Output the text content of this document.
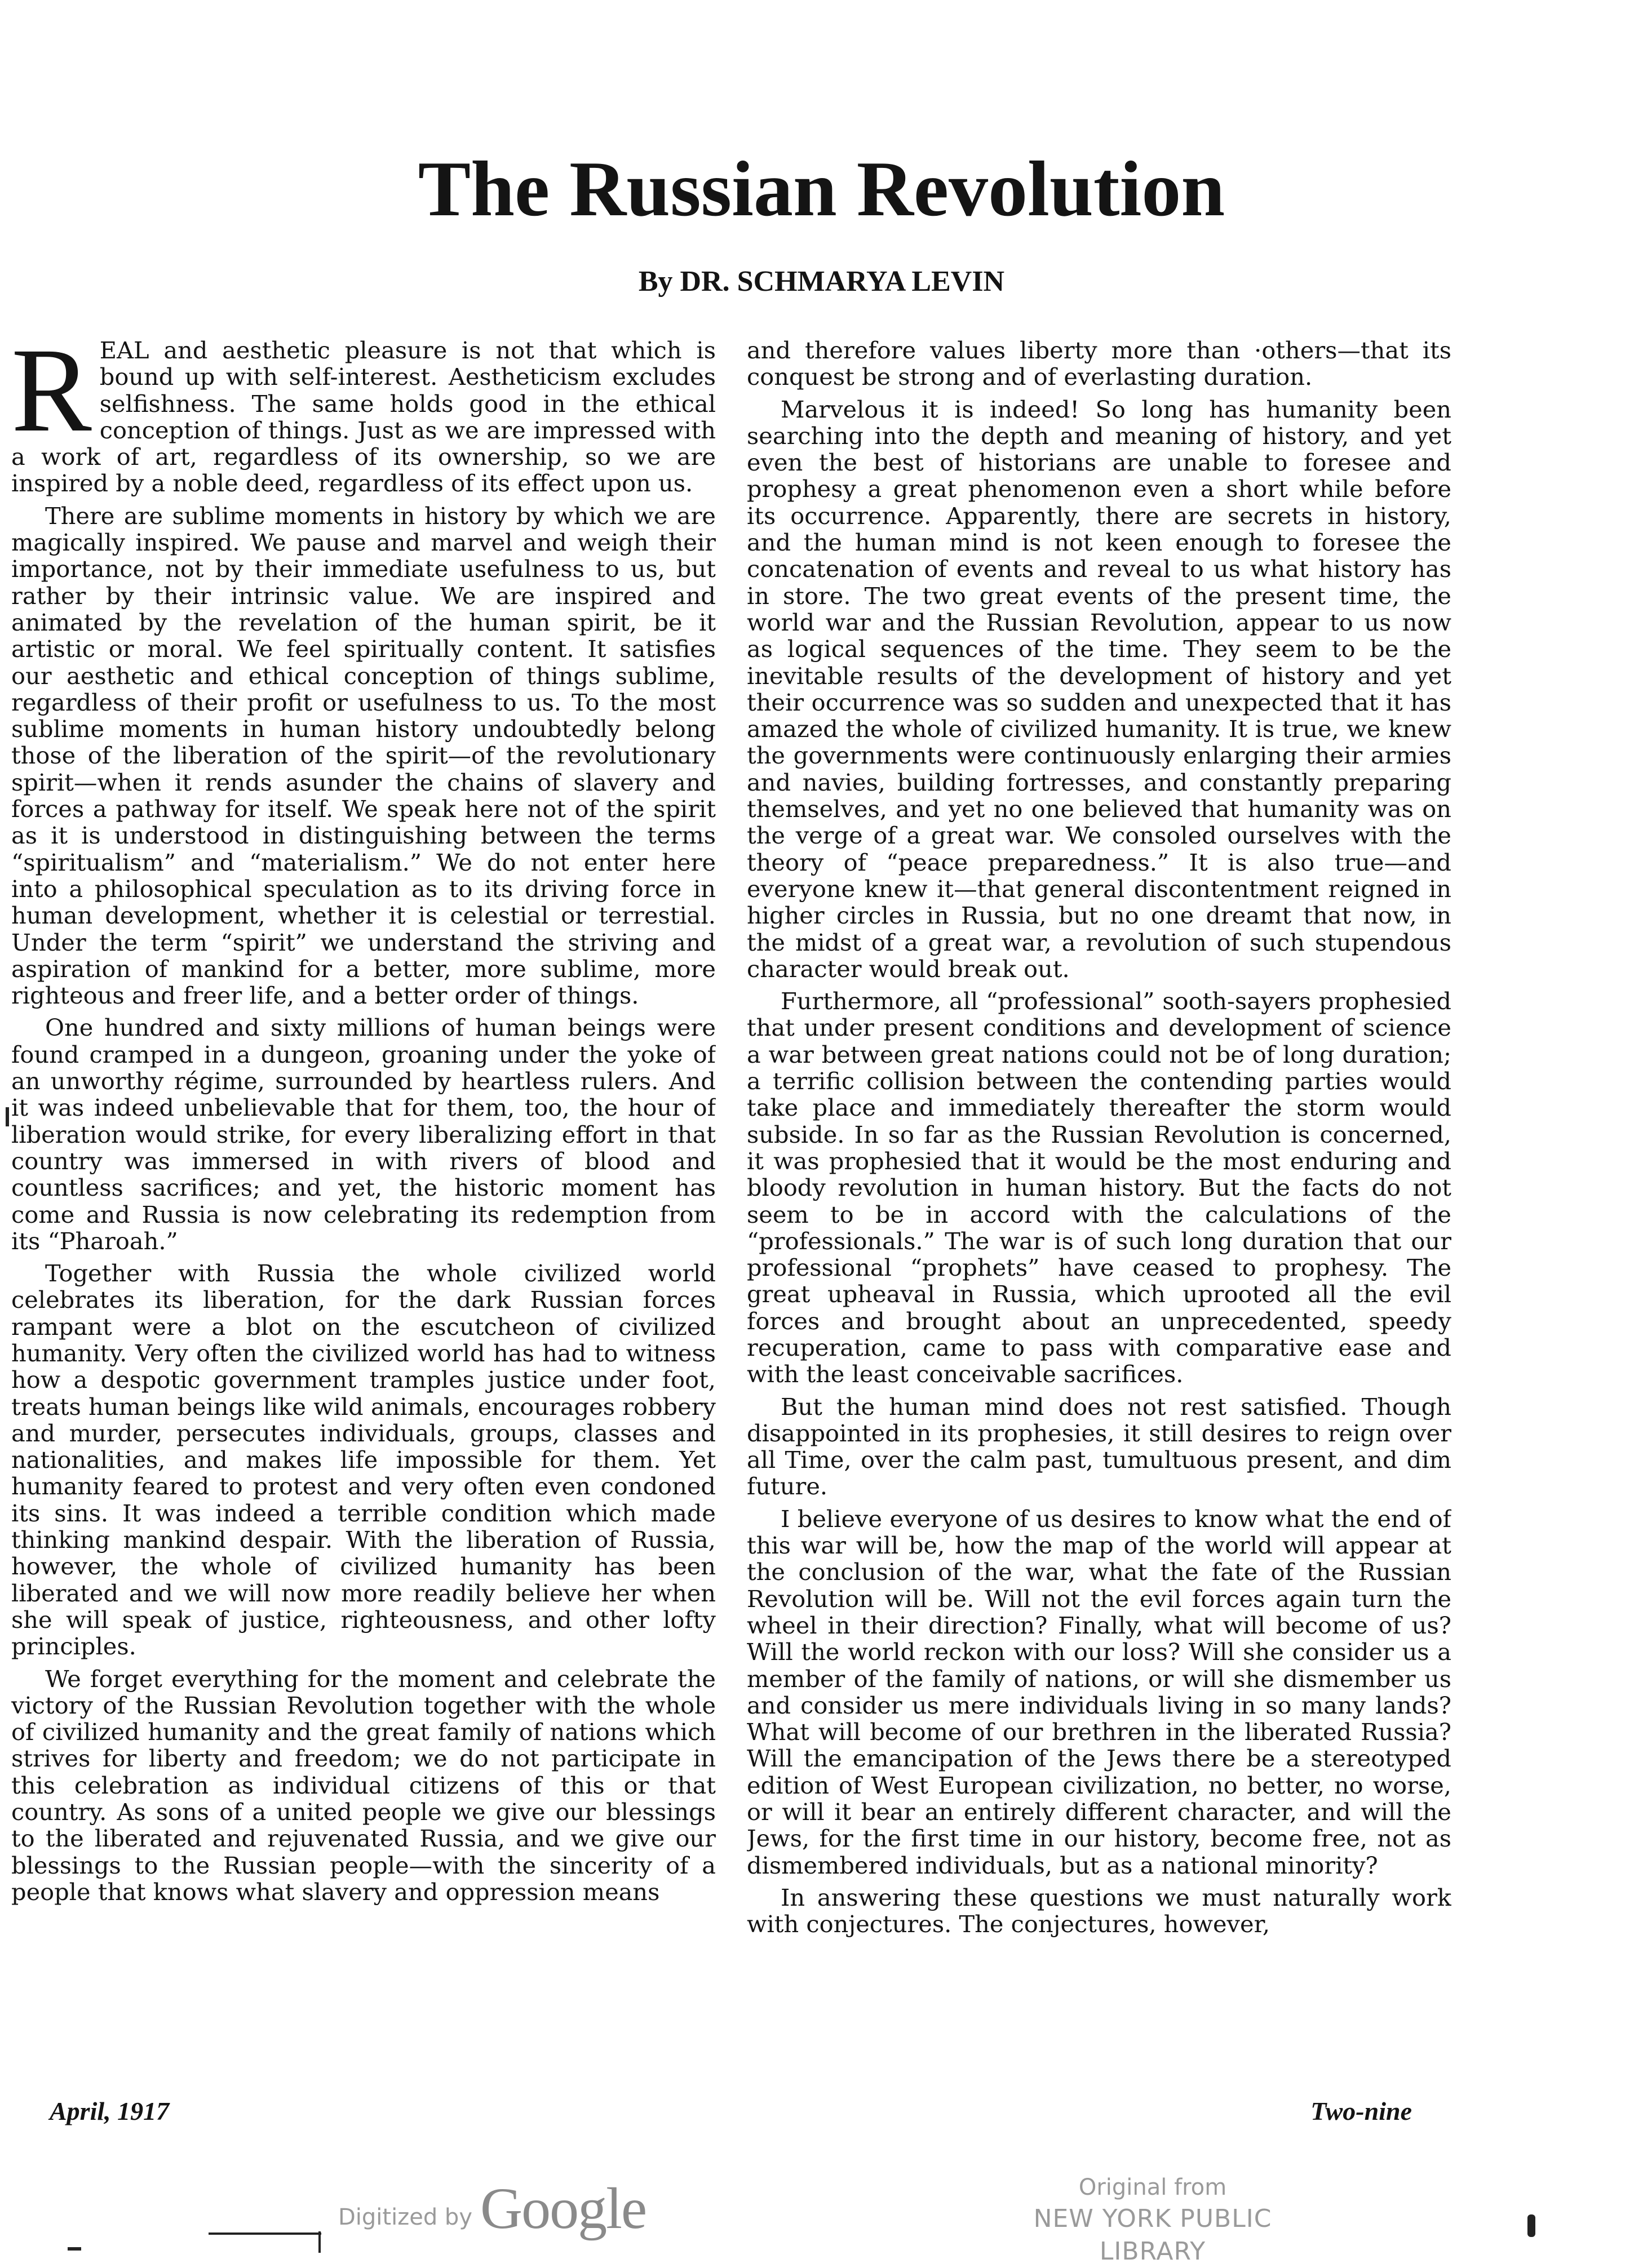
The Russian Revolution
By DR. SCHMARYA LEVIN

REAL and aesthetic pleasure is not that which is bound up with self-interest. Aestheticism excludes selfishness. The same holds good in the ethical conception of things. Just as we are impressed with a work of art, regardless of its ownership, so we are inspired by a noble deed, regardless of its effect upon us.

There are sublime moments in history by which we are magically inspired. We pause and marvel and weigh their importance, not by their immediate usefulness to us, but rather by their intrinsic value. We are inspired and animated by the revelation of the human spirit, be it artistic or moral. We feel spiritually content. It satisfies our aesthetic and ethical conception of things sublime, regardless of their profit or usefulness to us. To the most sublime moments in human history undoubtedly belong those of the liberation of the spirit—of the revolutionary spirit—when it rends asunder the chains of slavery and forces a pathway for itself. We speak here not of the spirit as it is understood in distinguishing between the terms “spiritualism” and “materialism.” We do not enter here into a philosophical speculation as to its driving force in human development, whether it is celestial or terrestial. Under the term “spirit” we understand the striving and aspiration of mankind for a better, more sublime, more righteous and freer life, and a better order of things.

One hundred and sixty millions of human beings were found cramped in a dungeon, groaning under the yoke of an unworthy régime, surrounded by heartless rulers. And it was indeed unbelievable that for them, too, the hour of liberation would strike, for every liberalizing effort in that country was immersed in with rivers of blood and countless sacrifices; and yet, the historic moment has come and Russia is now celebrating its redemption from its “Pharoah.”

Together with Russia the whole civilized world celebrates its liberation, for the dark Russian forces rampant were a blot on the escutcheon of civilized humanity. Very often the civilized world has had to witness how a despotic government tramples justice under foot, treats human beings like wild animals, encourages robbery and murder, persecutes individuals, groups, classes and nationalities, and makes life impossible for them. Yet humanity feared to protest and very often even condoned its sins. It was indeed a terrible condition which made thinking mankind despair. With the liberation of Russia, however, the whole of civilized humanity has been liberated and we will now more readily believe her when she will speak of justice, righteousness, and other lofty principles.

We forget everything for the moment and celebrate the victory of the Russian Revolution together with the whole of civilized humanity and the great family of nations which strives for liberty and freedom; we do not participate in this celebration as individual citizens of this or that country. As sons of a united people we give our blessings to the liberated and rejuvenated Russia, and we give our blessings to the Russian people—with the sincerity of a people that knows what slavery and oppression means

and therefore values liberty more than ·others—that its conquest be strong and of everlasting duration.

Marvelous it is indeed! So long has humanity been searching into the depth and meaning of history, and yet even the best of historians are unable to foresee and prophesy a great phenomenon even a short while before its occurrence. Apparently, there are secrets in history, and the human mind is not keen enough to foresee the concatenation of events and reveal to us what history has in store. The two great events of the present time, the world war and the Russian Revolution, appear to us now as logical sequences of the time. They seem to be the inevitable results of the development of history and yet their occurrence was so sudden and unexpected that it has amazed the whole of civilized humanity. It is true, we knew the governments were continuously enlarging their armies and navies, building fortresses, and constantly preparing themselves, and yet no one believed that humanity was on the verge of a great war. We consoled ourselves with the theory of “peace preparedness.” It is also true—and everyone knew it—that general discontentment reigned in higher circles in Russia, but no one dreamt that now, in the midst of a great war, a revolution of such stupendous character would break out.

Furthermore, all “professional” sooth-sayers prophesied that under present conditions and development of science a war between great nations could not be of long duration; a terrific collision between the contending parties would take place and immediately thereafter the storm would subside. In so far as the Russian Revolution is concerned, it was prophesied that it would be the most enduring and bloody revolution in human history. But the facts do not seem to be in accord with the calculations of the “professionals.” The war is of such long duration that our professional “prophets” have ceased to prophesy. The great upheaval in Russia, which uprooted all the evil forces and brought about an unprecedented, speedy recuperation, came to pass with comparative ease and with the least conceivable sacrifices.

But the human mind does not rest satisfied. Though disappointed in its prophesies, it still desires to reign over all Time, over the calm past, tumultuous present, and dim future.

I believe everyone of us desires to know what the end of this war will be, how the map of the world will appear at the conclusion of the war, what the fate of the Russian Revolution will be. Will not the evil forces again turn the wheel in their direction? Finally, what will become of us? Will the world reckon with our loss? Will she consider us a member of the family of nations, or will she dismember us and consider us mere individuals living in so many lands? What will become of our brethren in the liberated Russia? Will the emancipation of the Jews there be a stereotyped edition of West European civilization, no better, no worse, or will it bear an entirely different character, and will the Jews, for the first time in our history, become free, not as dismembered individuals, but as a national minority?

In answering these questions we must naturally work with conjectures. The conjectures, however,

April, 1917	Two-nine
Digitized by Google	Original from
NEW YORK PUBLIC LIBRARY
